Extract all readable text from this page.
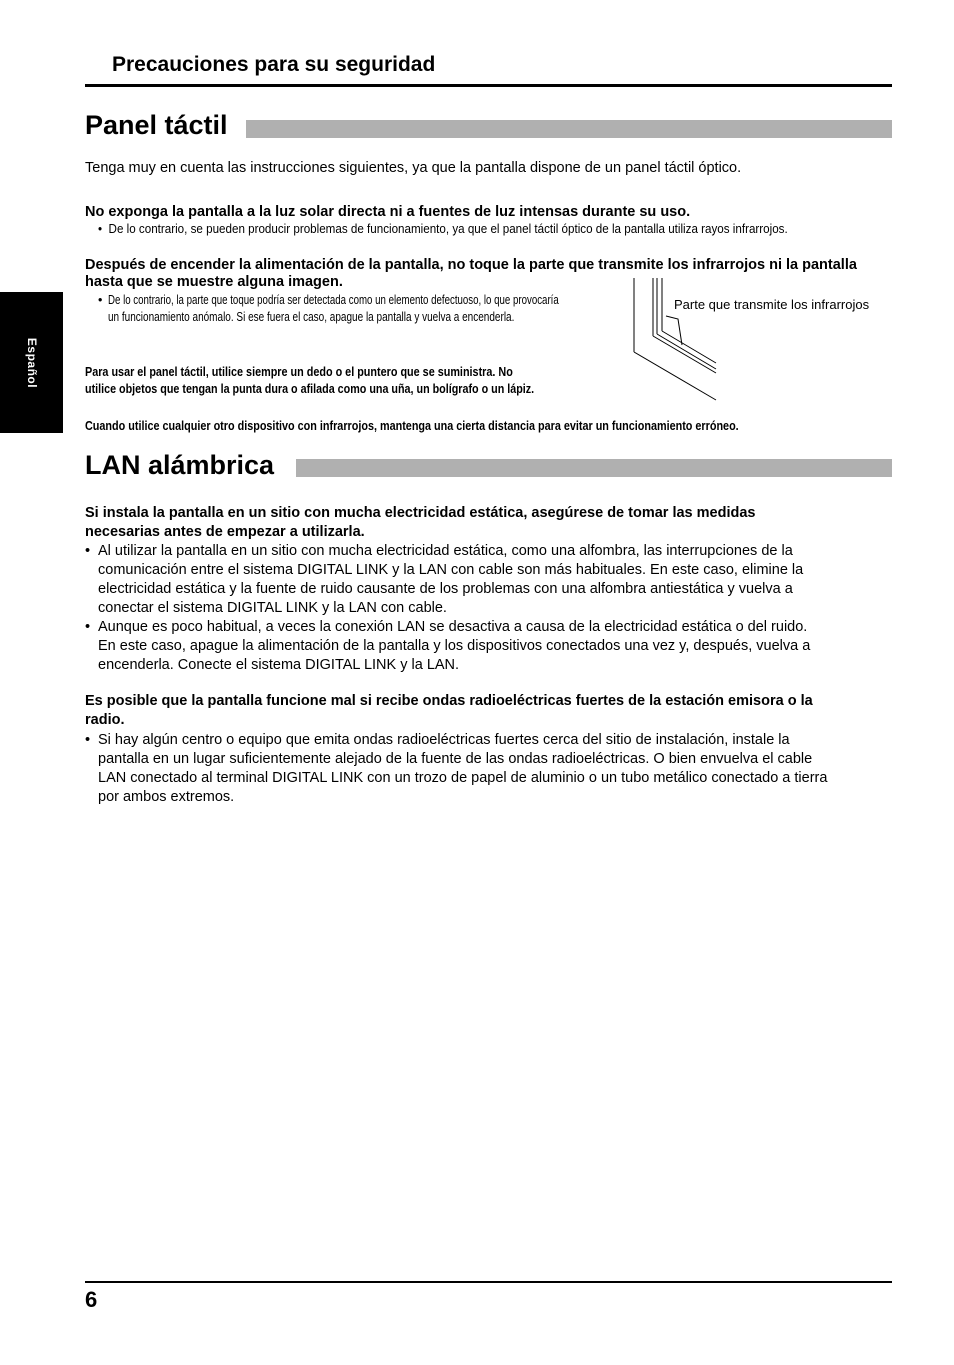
Precauciones para su seguridad
Español
Panel táctil
Tenga muy en cuenta las instrucciones siguientes, ya que la pantalla dispone de un panel táctil óptico.
No exponga la pantalla a la luz solar directa ni a fuentes de luz intensas durante su uso.
• De lo contrario, se pueden producir problemas de funcionamiento, ya que el panel táctil óptico de la pantalla utiliza rayos infrarrojos.
Después de encender la alimentación de la pantalla, no toque la parte que transmite los infrarrojos ni la pantalla
hasta que se muestre alguna imagen.
• De lo contrario, la parte que toque podría ser detectada como un elemento defectuoso, lo que provocaría
un funcionamiento anómalo. Si ese fuera el caso, apague la pantalla y vuelva a encenderla.
Parte que transmite los infrarrojos
Para usar el panel táctil, utilice siempre un dedo o el puntero que se suministra. No
utilice objetos que tengan la punta dura o afilada como una uña, un bolígrafo o un lápiz.
Cuando utilice cualquier otro dispositivo con infrarrojos, mantenga una cierta distancia para evitar un funcionamiento erróneo.
LAN alámbrica
Si instala la pantalla en un sitio con mucha electricidad estática, asegúrese de tomar las medidas
necesarias antes de empezar a utilizarla.
• Al utilizar la pantalla en un sitio con mucha electricidad estática, como una alfombra, las interrupciones de la
comunicación entre el sistema DIGITAL LINK y la LAN con cable son más habituales. En este caso, elimine la
electricidad estática y la fuente de ruido causante de los problemas con una alfombra antiestática y vuelva a
conectar el sistema DIGITAL LINK y la LAN con cable.
• Aunque es poco habitual, a veces la conexión LAN se desactiva a causa de la electricidad estática o del ruido.
En este caso, apague la alimentación de la pantalla y los dispositivos conectados una vez y, después, vuelva a
encenderla. Conecte el sistema DIGITAL LINK y la LAN.
Es posible que la pantalla funcione mal si recibe ondas radioeléctricas fuertes de la estación emisora o la
radio.
• Si hay algún centro o equipo que emita ondas radioeléctricas fuertes cerca del sitio de instalación, instale la
pantalla en un lugar suficientemente alejado de la fuente de las ondas radioeléctricas. O bien envuelva el cable
LAN conectado al terminal DIGITAL LINK con un trozo de papel de aluminio o un tubo metálico conectado a tierra
por ambos extremos.
6
